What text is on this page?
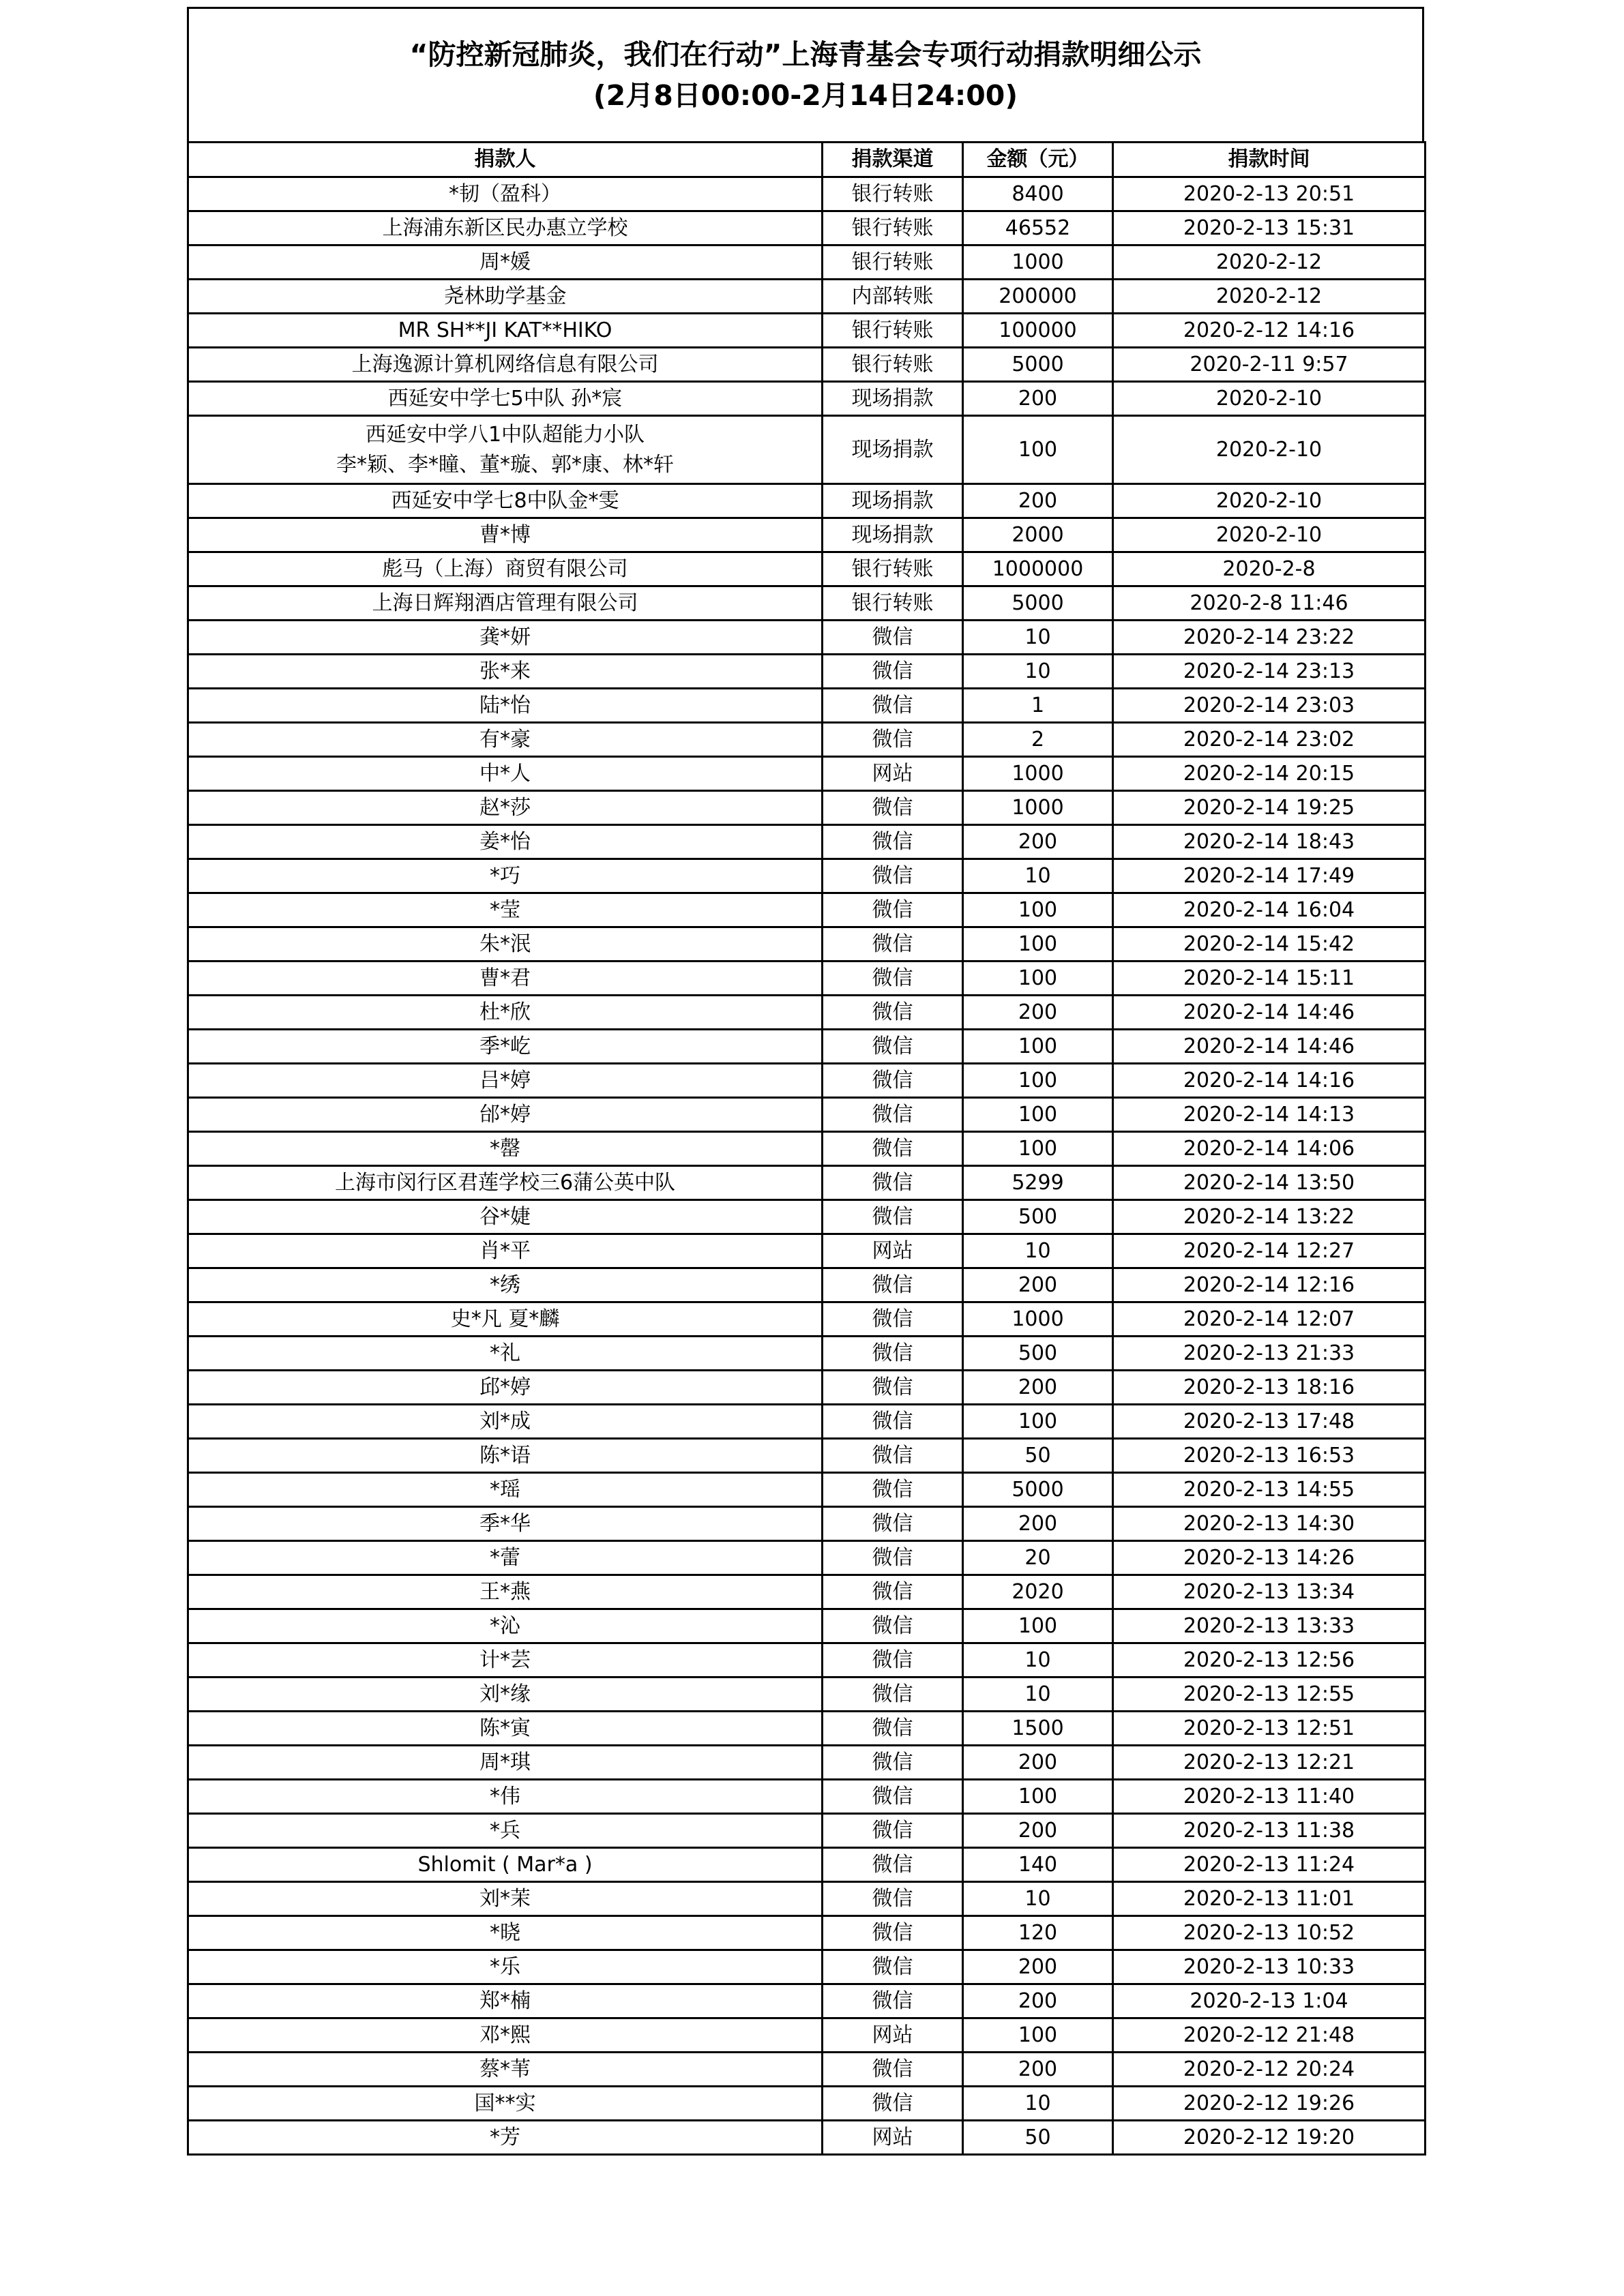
“防控新冠肺炎，我们在行动”上海青基会专项行动捐款明细公示
(2月8日00:00-2月14日24:00)
捐款人	捐款渠道	金额（元）	捐款时间
*韧（盈科）	银行转账	8400	2020-2-13 20:51
上海浦东新区民办惠立学校	银行转账	46552	2020-2-13 15:31
周*媛	银行转账	1000	2020-2-12
尧林助学基金	内部转账	200000	2020-2-12
MR SH**JI KAT**HIKO	银行转账	100000	2020-2-12 14:16
上海逸源计算机网络信息有限公司	银行转账	5000	2020-2-11 9:57
西延安中学七5中队 孙*宸	现场捐款	200	2020-2-10

西延安中学八1中队超能力小队
李*颖、李*瞳、董*璇、郭*康、林*轩	现场捐款	100	2020-2-10
西延安中学七8中队金*雯	现场捐款	200	2020-2-10
曹*博	现场捐款	2000	2020-2-10
彪马（上海）商贸有限公司	银行转账	1000000	2020-2-8
上海日辉翔酒店管理有限公司	银行转账	5000	2020-2-8 11:46
龚*妍	微信	10	2020-2-14 23:22
张*来	微信	10	2020-2-14 23:13
陆*怡	微信	1	2020-2-14 23:03
有*豪	微信	2	2020-2-14 23:02
中*人	网站	1000	2020-2-14 20:15
赵*莎	微信	1000	2020-2-14 19:25
姜*怡	微信	200	2020-2-14 18:43
*巧	微信	10	2020-2-14 17:49
*莹	微信	100	2020-2-14 16:04
朱*泯	微信	100	2020-2-14 15:42
曹*君	微信	100	2020-2-14 15:11
杜*欣	微信	200	2020-2-14 14:46
季*屹	微信	100	2020-2-14 14:46
吕*婷	微信	100	2020-2-14 14:16
邰*婷	微信	100	2020-2-14 14:13
*罄	微信	100	2020-2-14 14:06
上海市闵行区君莲学校三6蒲公英中队	微信	5299	2020-2-14 13:50
谷*婕	微信	500	2020-2-14 13:22
肖*平	网站	10	2020-2-14 12:27
*绣	微信	200	2020-2-14 12:16
史*凡 夏*麟	微信	1000	2020-2-14 12:07
*礼	微信	500	2020-2-13 21:33
邱*婷	微信	200	2020-2-13 18:16
刘*成	微信	100	2020-2-13 17:48
陈*语	微信	50	2020-2-13 16:53
*瑶	微信	5000	2020-2-13 14:55
季*华	微信	200	2020-2-13 14:30
*蕾	微信	20	2020-2-13 14:26
王*燕	微信	2020	2020-2-13 13:34
*沁	微信	100	2020-2-13 13:33
计*芸	微信	10	2020-2-13 12:56
刘*缘	微信	10	2020-2-13 12:55
陈*寅	微信	1500	2020-2-13 12:51
周*琪	微信	200	2020-2-13 12:21
*伟	微信	100	2020-2-13 11:40
*兵	微信	200	2020-2-13 11:38
Shlomit ( Mar*a )	微信	140	2020-2-13 11:24
刘*茉	微信	10	2020-2-13 11:01
*晓	微信	120	2020-2-13 10:52
*乐	微信	200	2020-2-13 10:33
郑*楠	微信	200	2020-2-13 1:04
邓*熙	网站	100	2020-2-12 21:48
蔡*苇	微信	200	2020-2-12 20:24
国**实	微信	10	2020-2-12 19:26
*芳	网站	50	2020-2-12 19:20
